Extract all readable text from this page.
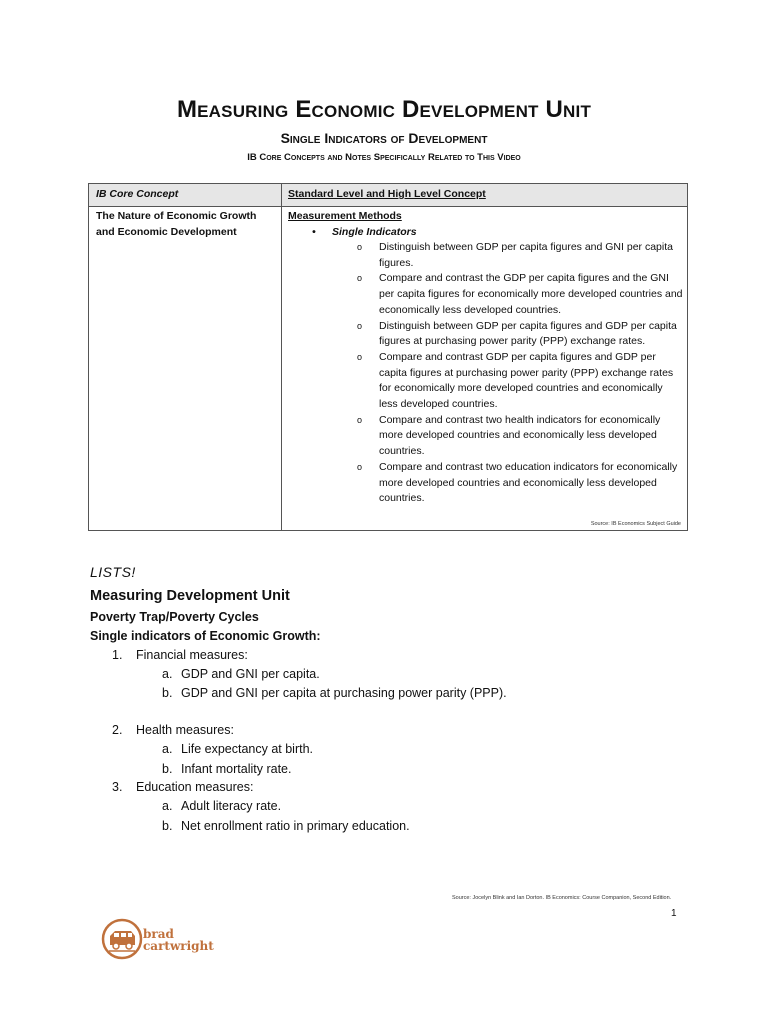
Measuring Economic Development Unit
Single Indicators of Development
IB Core Concepts and Notes Specifically Related to This Video
IB Core Concept	Standard Level and High Level Concept
The Nature of Economic Growth
and Economic Development
Measurement Methods
• Single Indicators
o Distinguish between GDP per capita figures and GNI per capita figures.
o Compare and contrast the GDP per capita figures and the GNI per capita figures for economically more developed countries and economically less developed countries.
o Distinguish between GDP per capita figures and GDP per capita figures at purchasing power parity (PPP) exchange rates.
o Compare and contrast GDP per capita figures and GDP per capita figures at purchasing power parity (PPP) exchange rates for economically more developed countries and economically less developed countries.
o Compare and contrast two health indicators for economically more developed countries and economically less developed countries.
o Compare and contrast two education indicators for economically more developed countries and economically less developed countries.
Source: IB Economics Subject Guide
LISTS!
Measuring Development Unit
Poverty Trap/Poverty Cycles
Single indicators of Economic Growth:
1. Financial measures:
a. GDP and GNI per capita.
b. GDP and GNI per capita at purchasing power parity (PPP).
2. Health measures:
a. Life expectancy at birth.
b. Infant mortality rate.
3. Education measures:
a. Adult literacy rate.
b. Net enrollment ratio in primary education.
Source: Jocelyn Blink and Ian Dorton. IB Economics: Course Companion, Second Edition.
1
brad
cartwright
